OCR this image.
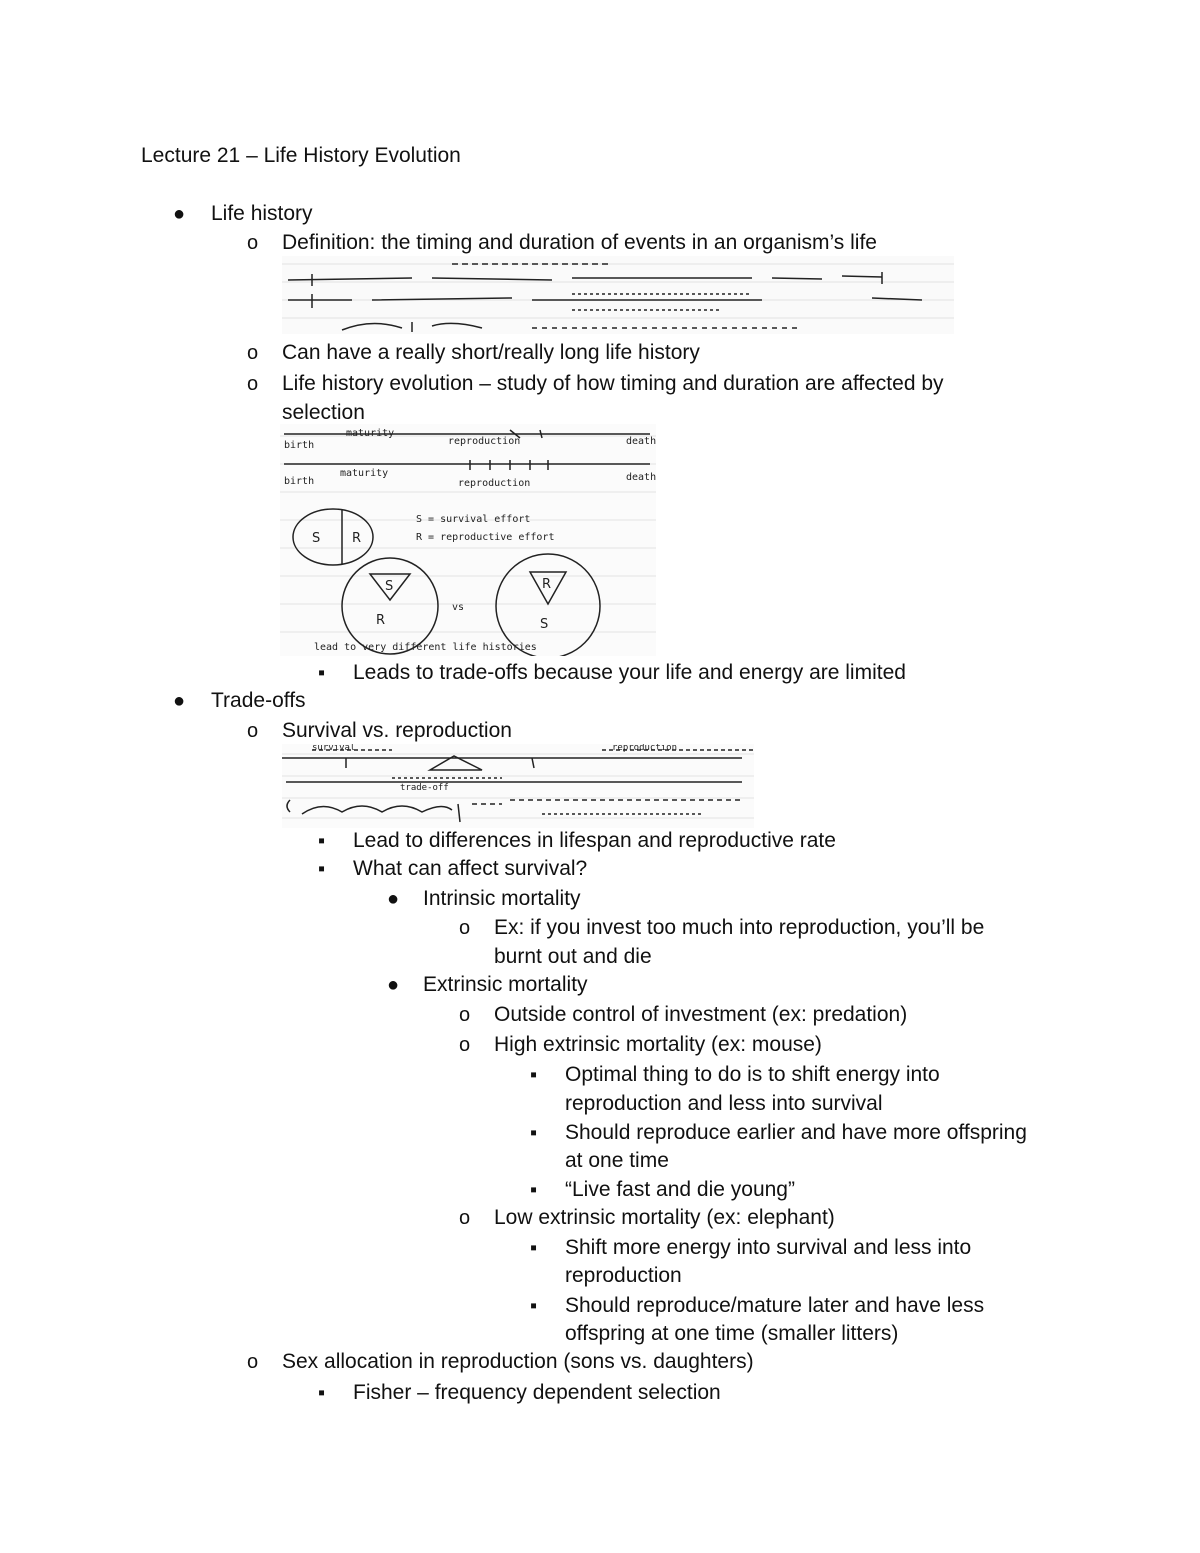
Lecture 21 – Life History Evolution
● Life history
o Definition: the timing and duration of events in an organism’s life
o Can have a really short/really long life history
o Life history evolution – study of how timing and duration are affected by
selection
birth
maturity
reproduction	death
birth
maturity
reproduction
death
S = survival effort
R = reproductive effort
vs
lead to very different life histories
S R
S
R
R
S
▪ Leads to trade-offs because your life and energy are limited
● Trade-offs
o Survival vs. reproduction
survival	reproduction
trade-off
▪ Lead to differences in lifespan and reproductive rate
▪ What can affect survival?
● Intrinsic mortality
o Ex: if you invest too much into reproduction, you’ll be
burnt out and die
● Extrinsic mortality
o Outside control of investment (ex: predation)
o High extrinsic mortality (ex: mouse)
▪ Optimal thing to do is to shift energy into
reproduction and less into survival
▪ Should reproduce earlier and have more offspring
at one time
▪ “Live fast and die young”
o Low extrinsic mortality (ex: elephant)
▪ Shift more energy into survival and less into
reproduction
▪ Should reproduce/mature later and have less
offspring at one time (smaller litters)
o Sex allocation in reproduction (sons vs. daughters)
▪ Fisher – frequency dependent selection
